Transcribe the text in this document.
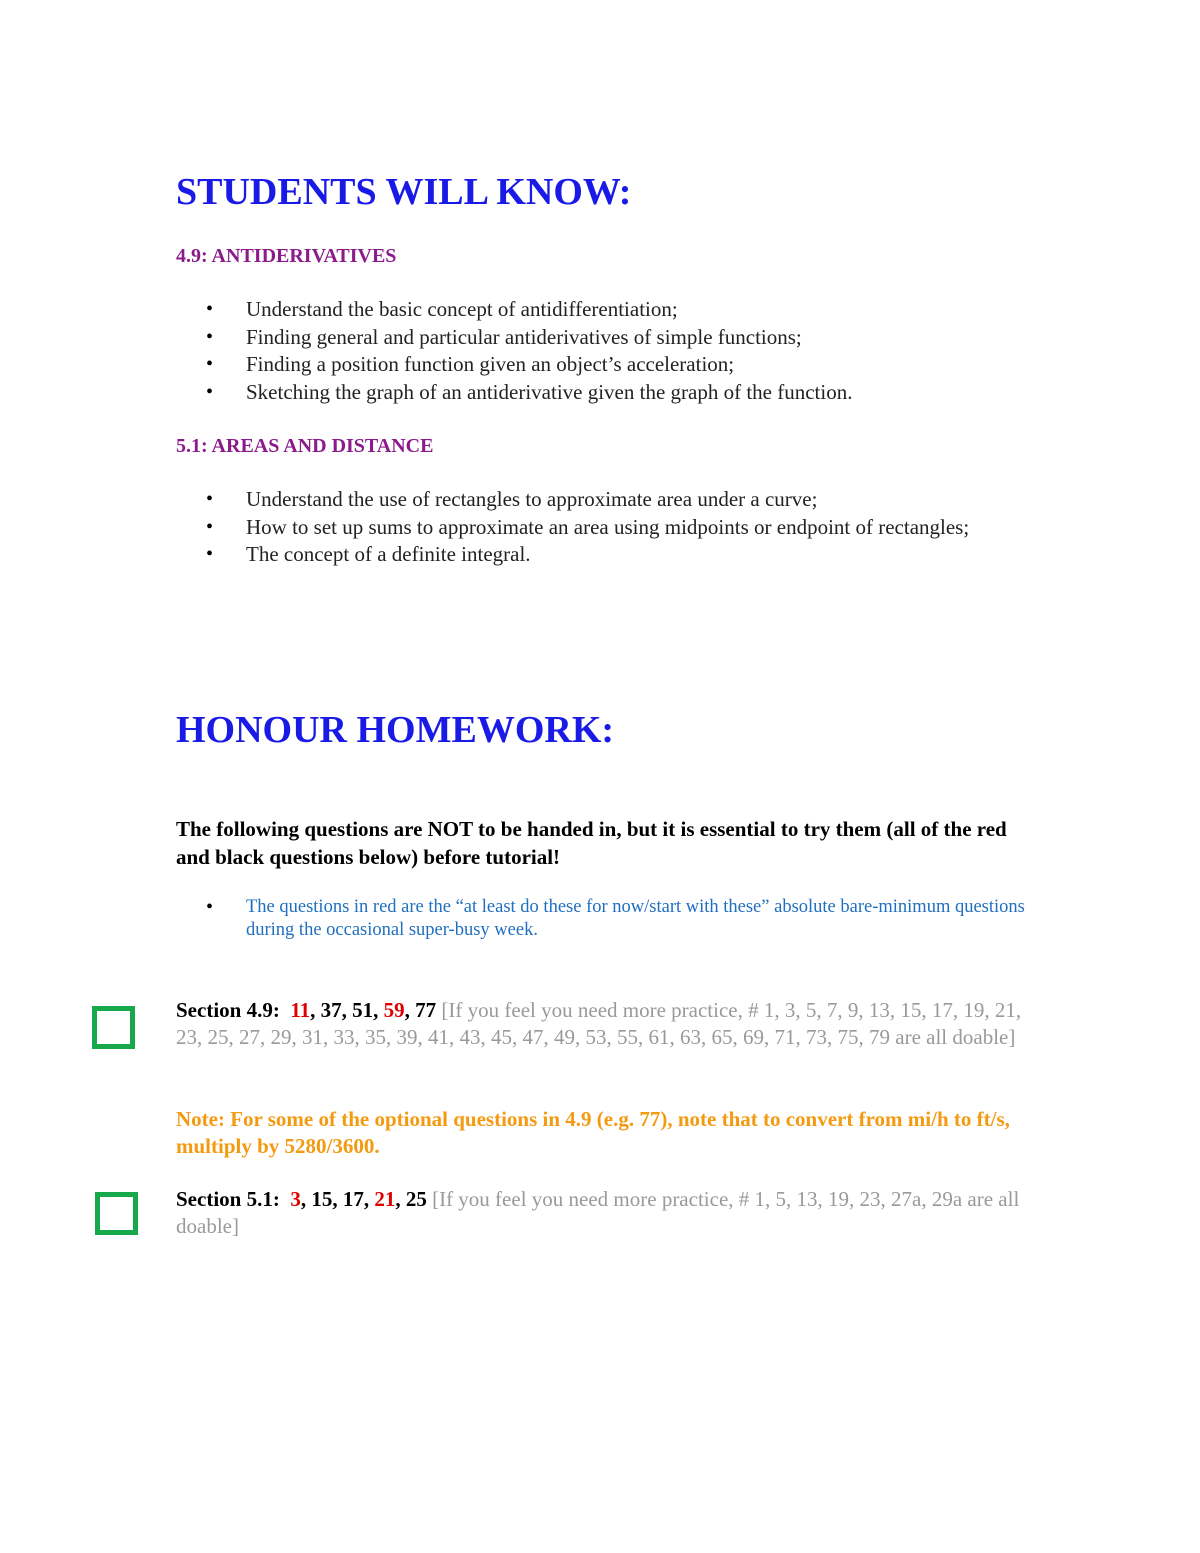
STUDENTS WILL KNOW:
4.9: ANTIDERIVATIVES
• Understand the basic concept of antidifferentiation;
• Finding general and particular antiderivatives of simple functions;
• Finding a position function given an object’s acceleration;
• Sketching the graph of an antiderivative given the graph of the function.
5.1: AREAS AND DISTANCE
• Understand the use of rectangles to approximate area under a curve;
• How to set up sums to approximate an area using midpoints or endpoint of rectangles;
• The concept of a definite integral.
HONOUR HOMEWORK:

The following questions are NOT to be handed in, but it is essential to try them (all of the red and black questions below) before tutorial!

• The questions in red are the “at least do these for now/start with these” absolute bare-minimum questions during the occasional super-busy week.

Section 4.9: 11, 37, 51, 59, 77 [If you feel you need more practice, # 1, 3, 5, 7, 9, 13, 15, 17, 19, 21, 23, 25, 27, 29, 31, 33, 35, 39, 41, 43, 45, 47, 49, 53, 55, 61, 63, 65, 69, 71, 73, 75, 79 are all doable]

Note: For some of the optional questions in 4.9 (e.g. 77), note that to convert from mi/h to ft/s, multiply by 5280/3600.

Section 5.1: 3, 15, 17, 21, 25 [If you feel you need more practice, # 1, 5, 13, 19, 23, 27a, 29a are all doable]
